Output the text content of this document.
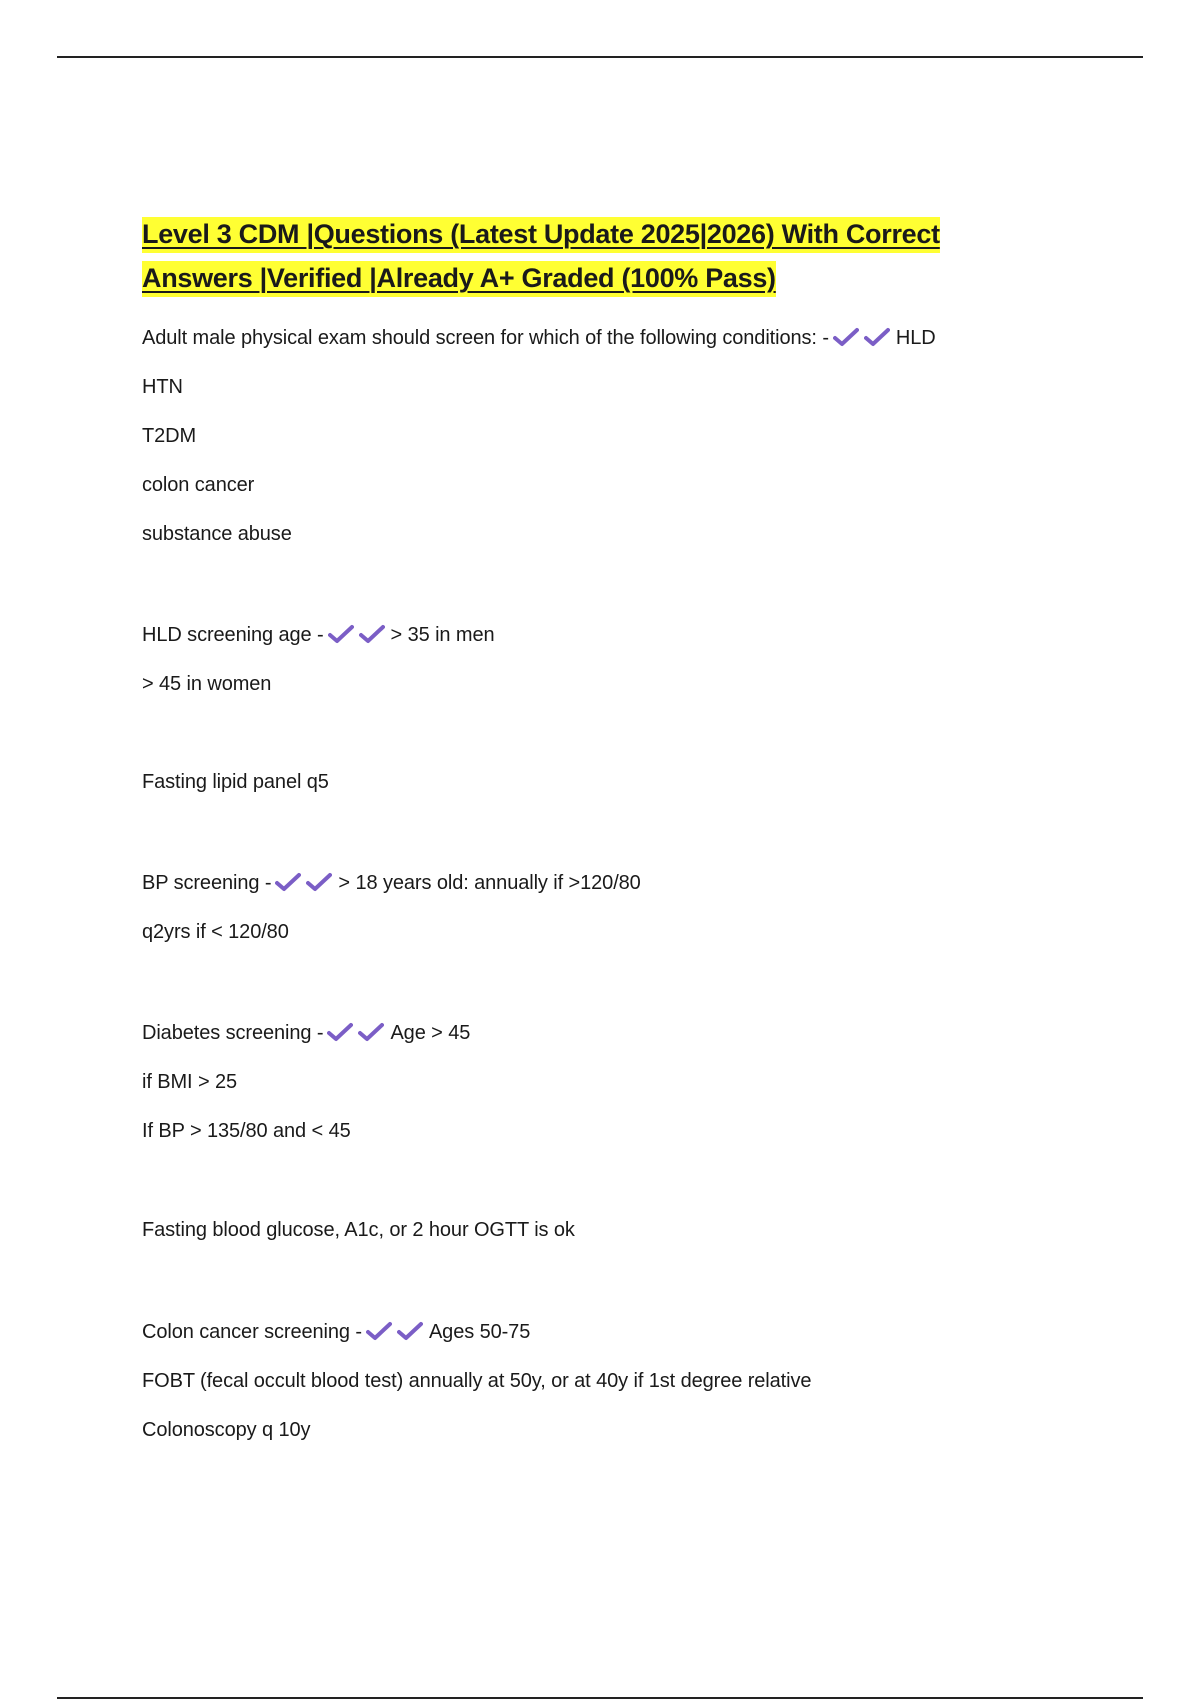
Level 3 CDM |Questions (Latest Update 2025|2026) With Correct
Answers |Verified |Already A+ Graded (100% Pass)

Adult male physical exam should screen for which of the following conditions: -	HLD

HTN

T2DM

colon cancer

substance abuse

HLD screening age -	> 35 in men

> 45 in women

Fasting lipid panel q5

BP screening -	> 18 years old: annually if >120/80

q2yrs if < 120/80

Diabetes screening -	Age > 45

if BMI > 25

If BP > 135/80 and < 45

Fasting blood glucose, A1c, or 2 hour OGTT is ok

Colon cancer screening -	Ages 50-75

FOBT (fecal occult blood test) annually at 50y, or at 40y if 1st degree relative

Colonoscopy q 10y
